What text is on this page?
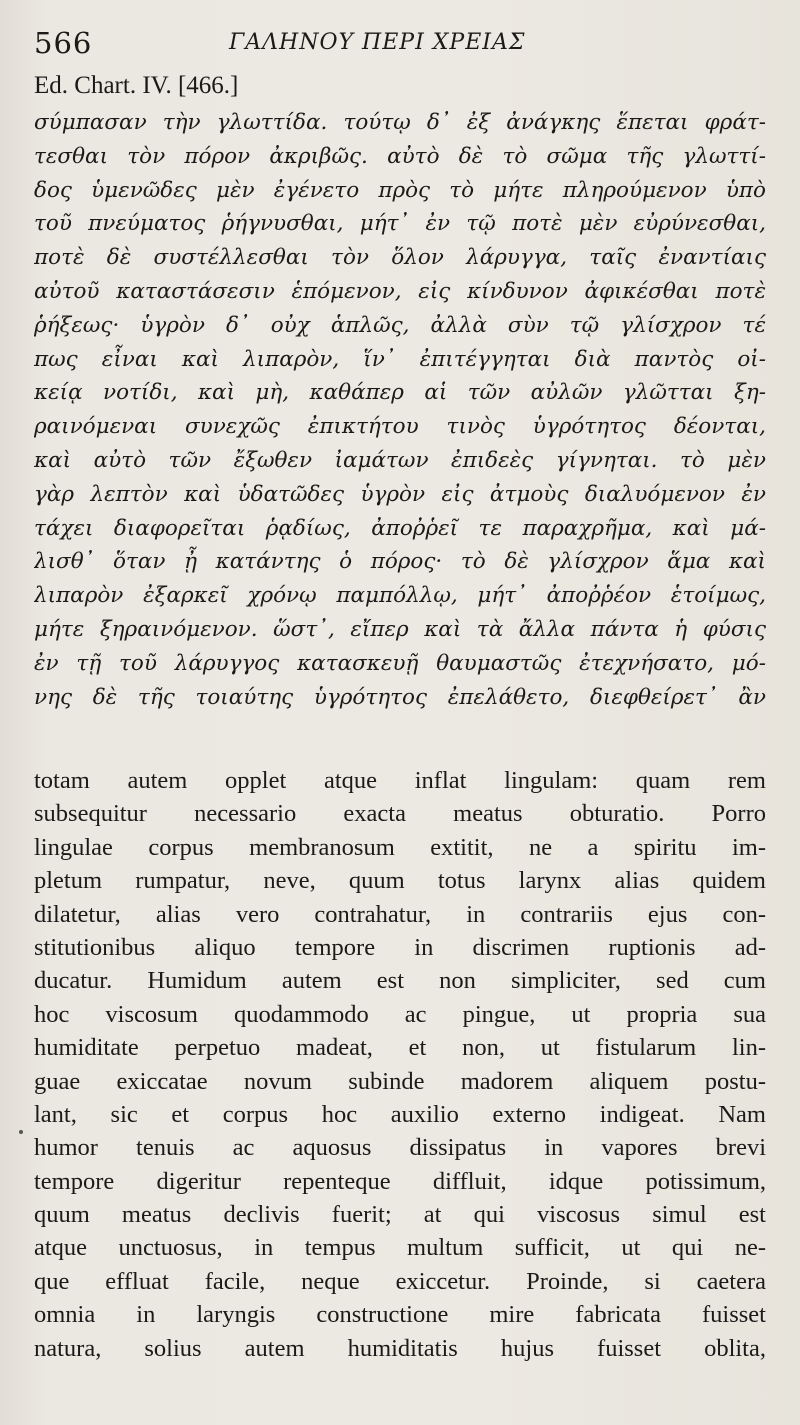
566	ΓΑΛΗΝΟΥ ΠΕΡΙ ΧΡΕΙΑΣ
Ed. Chart. IV. [466.]
σύμπασαν τὴν γλωττίδα. τούτῳ δ᾽ ἐξ ἀνάγκης ἕπεται φράτ-
τεσθαι τὸν πόρον ἀκριβῶς. αὐτὸ δὲ τὸ σῶμα τῆς γλωττί-
δος ὑμενῶδες μὲν ἐγένετο πρὸς τὸ μήτε πληρούμενον ὑπὸ
τοῦ πνεύματος ῥήγνυσθαι, μήτ᾽ ἐν τῷ ποτὲ μὲν εὐρύνεσθαι,
ποτὲ δὲ συστέλλεσθαι τὸν ὅλον λάρυγγα, ταῖς ἐναντίαις
αὐτοῦ καταστάσεσιν ἑπόμενον, εἰς κίνδυνον ἀφικέσθαι ποτὲ
ῥήξεως· ὑγρὸν δ᾽ οὐχ ἁπλῶς, ἀλλὰ σὺν τῷ γλίσχρον τέ
πως εἶναι καὶ λιπαρὸν, ἵν᾽ ἐπιτέγγηται διὰ παντὸς οἰ-
κείᾳ νοτίδι, καὶ μὴ, καθάπερ αἱ τῶν αὐλῶν γλῶτται ξη-
ραινόμεναι συνεχῶς ἐπικτήτου τινὸς ὑγρότητος δέονται,
καὶ αὐτὸ τῶν ἔξωθεν ἰαμάτων ἐπιδεὲς γίγνηται. τὸ μὲν
γὰρ λεπτὸν καὶ ὑδατῶδες ὑγρὸν εἰς ἀτμοὺς διαλυόμενον ἐν
τάχει διαφορεῖται ῥᾳδίως, ἀποῤῥεῖ τε παραχρῆμα, καὶ μά-
λισθ᾽ ὅταν ᾖ κατάντης ὁ πόρος· τὸ δὲ γλίσχρον ἅμα καὶ
λιπαρὸν ἐξαρκεῖ χρόνῳ παμπόλλῳ, μήτ᾽ ἀποῤῥέον ἑτοίμως,
μήτε ξηραινόμενον. ὥστ᾽, εἴπερ καὶ τὰ ἄλλα πάντα ἡ φύσις
ἐν τῇ τοῦ λάρυγγος κατασκευῇ θαυμαστῶς ἐτεχνήσατο, μό-
νης δὲ τῆς τοιαύτης ὑγρότητος ἐπελάθετο, διεφθείρετ᾽ ἂν
totam autem opplet atque inflat lingulam: quam rem
subsequitur necessario exacta meatus obturatio. Porro
lingulae corpus membranosum extitit, ne a spiritu im-
pletum rumpatur, neve, quum totus larynx alias quidem
dilatetur, alias vero contrahatur, in contrariis ejus con-
stitutionibus aliquo tempore in discrimen ruptionis ad-
ducatur. Humidum autem est non simpliciter, sed cum
hoc viscosum quodammodo ac pingue, ut propria sua
humiditate perpetuo madeat, et non, ut fistularum lin-
guae exiccatae novum subinde madorem aliquem postu-
lant, sic et corpus hoc auxilio externo indigeat. Nam
humor tenuis ac aquosus dissipatus in vapores brevi
tempore digeritur repenteque diffluit, idque potissimum,
quum meatus declivis fuerit; at qui viscosus simul est
atque unctuosus, in tempus multum sufficit, ut qui ne-
que effluat facile, neque exiccetur. Proinde, si caetera
omnia in laryngis constructione mire fabricata fuisset
natura, solius autem humiditatis hujus fuisset oblita,
